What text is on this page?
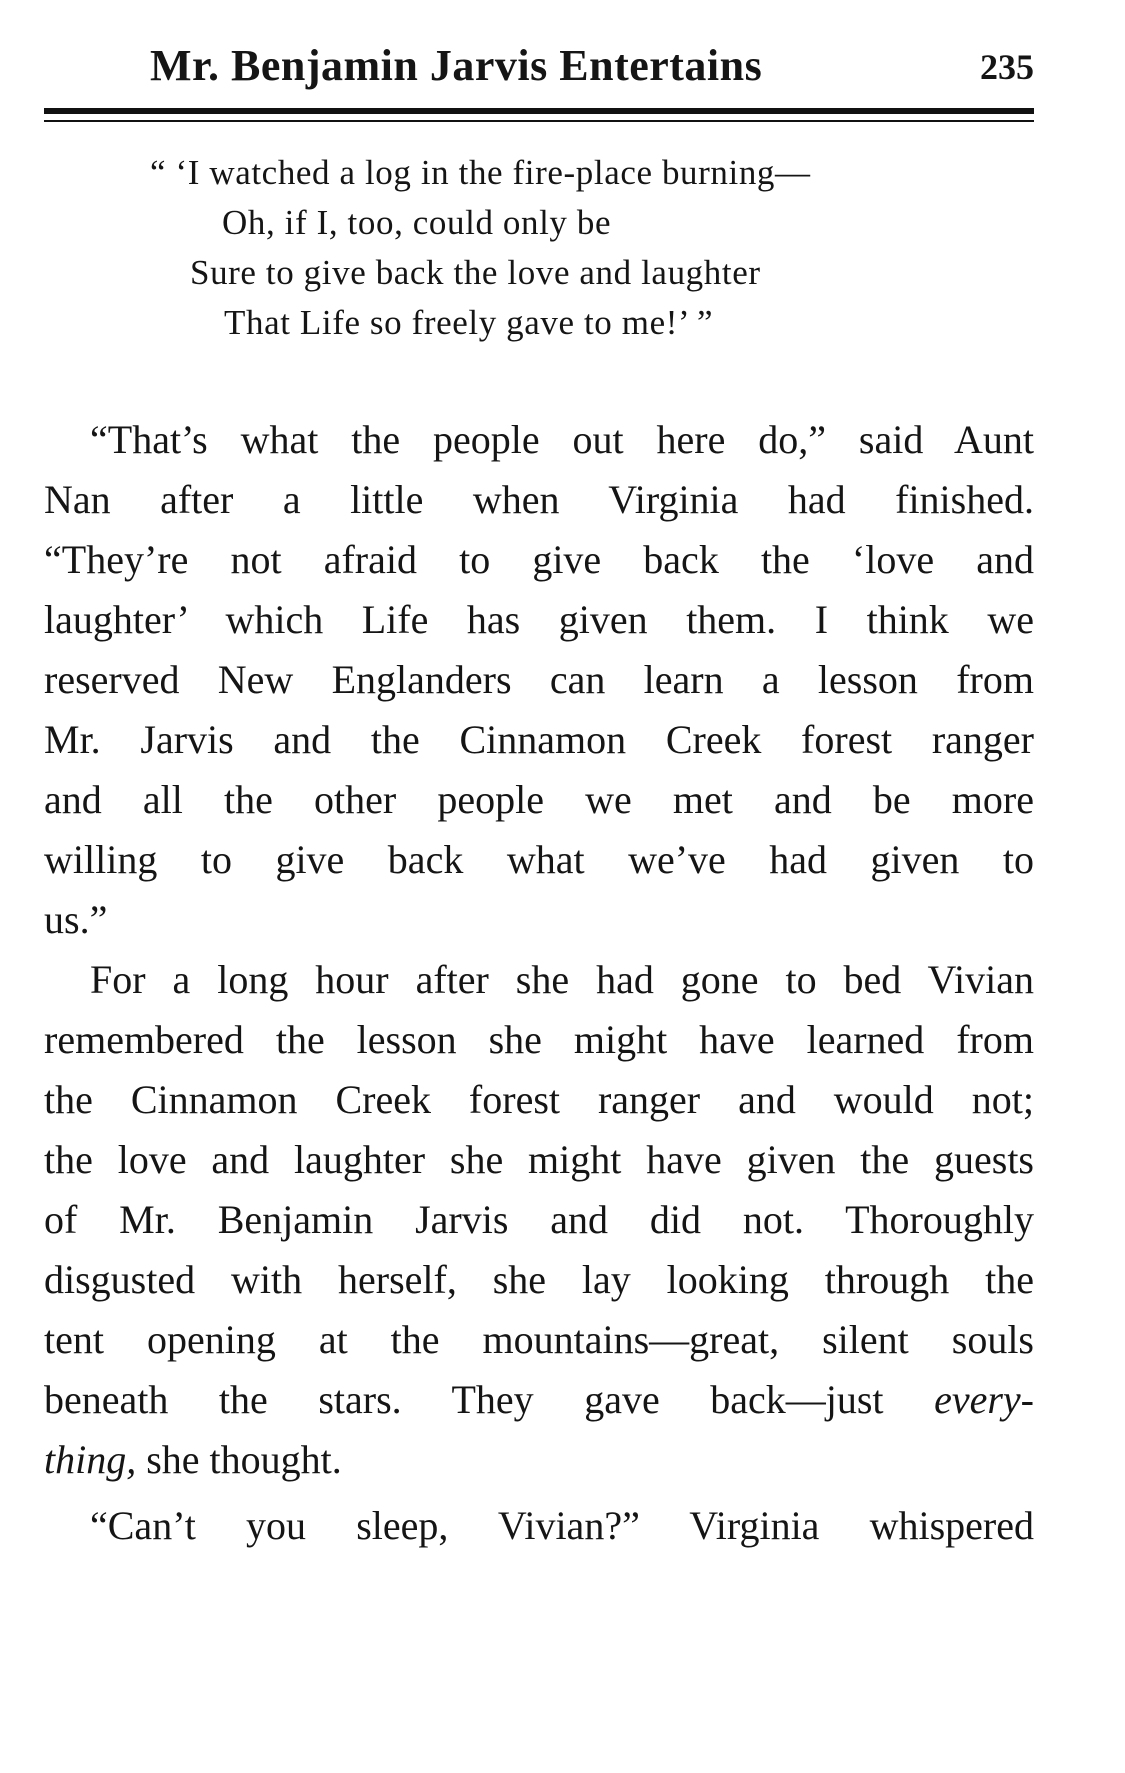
Mr. Benjamin Jarvis Entertains	235
“ ‘I watched a log in the fire-place burning—
Oh, if I, too, could only be
Sure to give back the love and laughter
That Life so freely gave to me!’ ”
“That’s what the people out here do,” said Aunt
Nan after a little when Virginia had finished.
“They’re not afraid to give back the ‘love and
laughter’ which Life has given them. I think we
reserved New Englanders can learn a lesson from
Mr. Jarvis and the Cinnamon Creek forest ranger
and all the other people we met and be more
willing to give back what we’ve had given to
us.”
For a long hour after she had gone to bed Vivian
remembered the lesson she might have learned from
the Cinnamon Creek forest ranger and would not;
the love and laughter she might have given the guests
of Mr. Benjamin Jarvis and did not. Thoroughly
disgusted with herself, she lay looking through the
tent opening at the mountains—great, silent souls
beneath the stars. They gave back—just every-
thing, she thought.
“Can’t you sleep, Vivian?” Virginia whispered
